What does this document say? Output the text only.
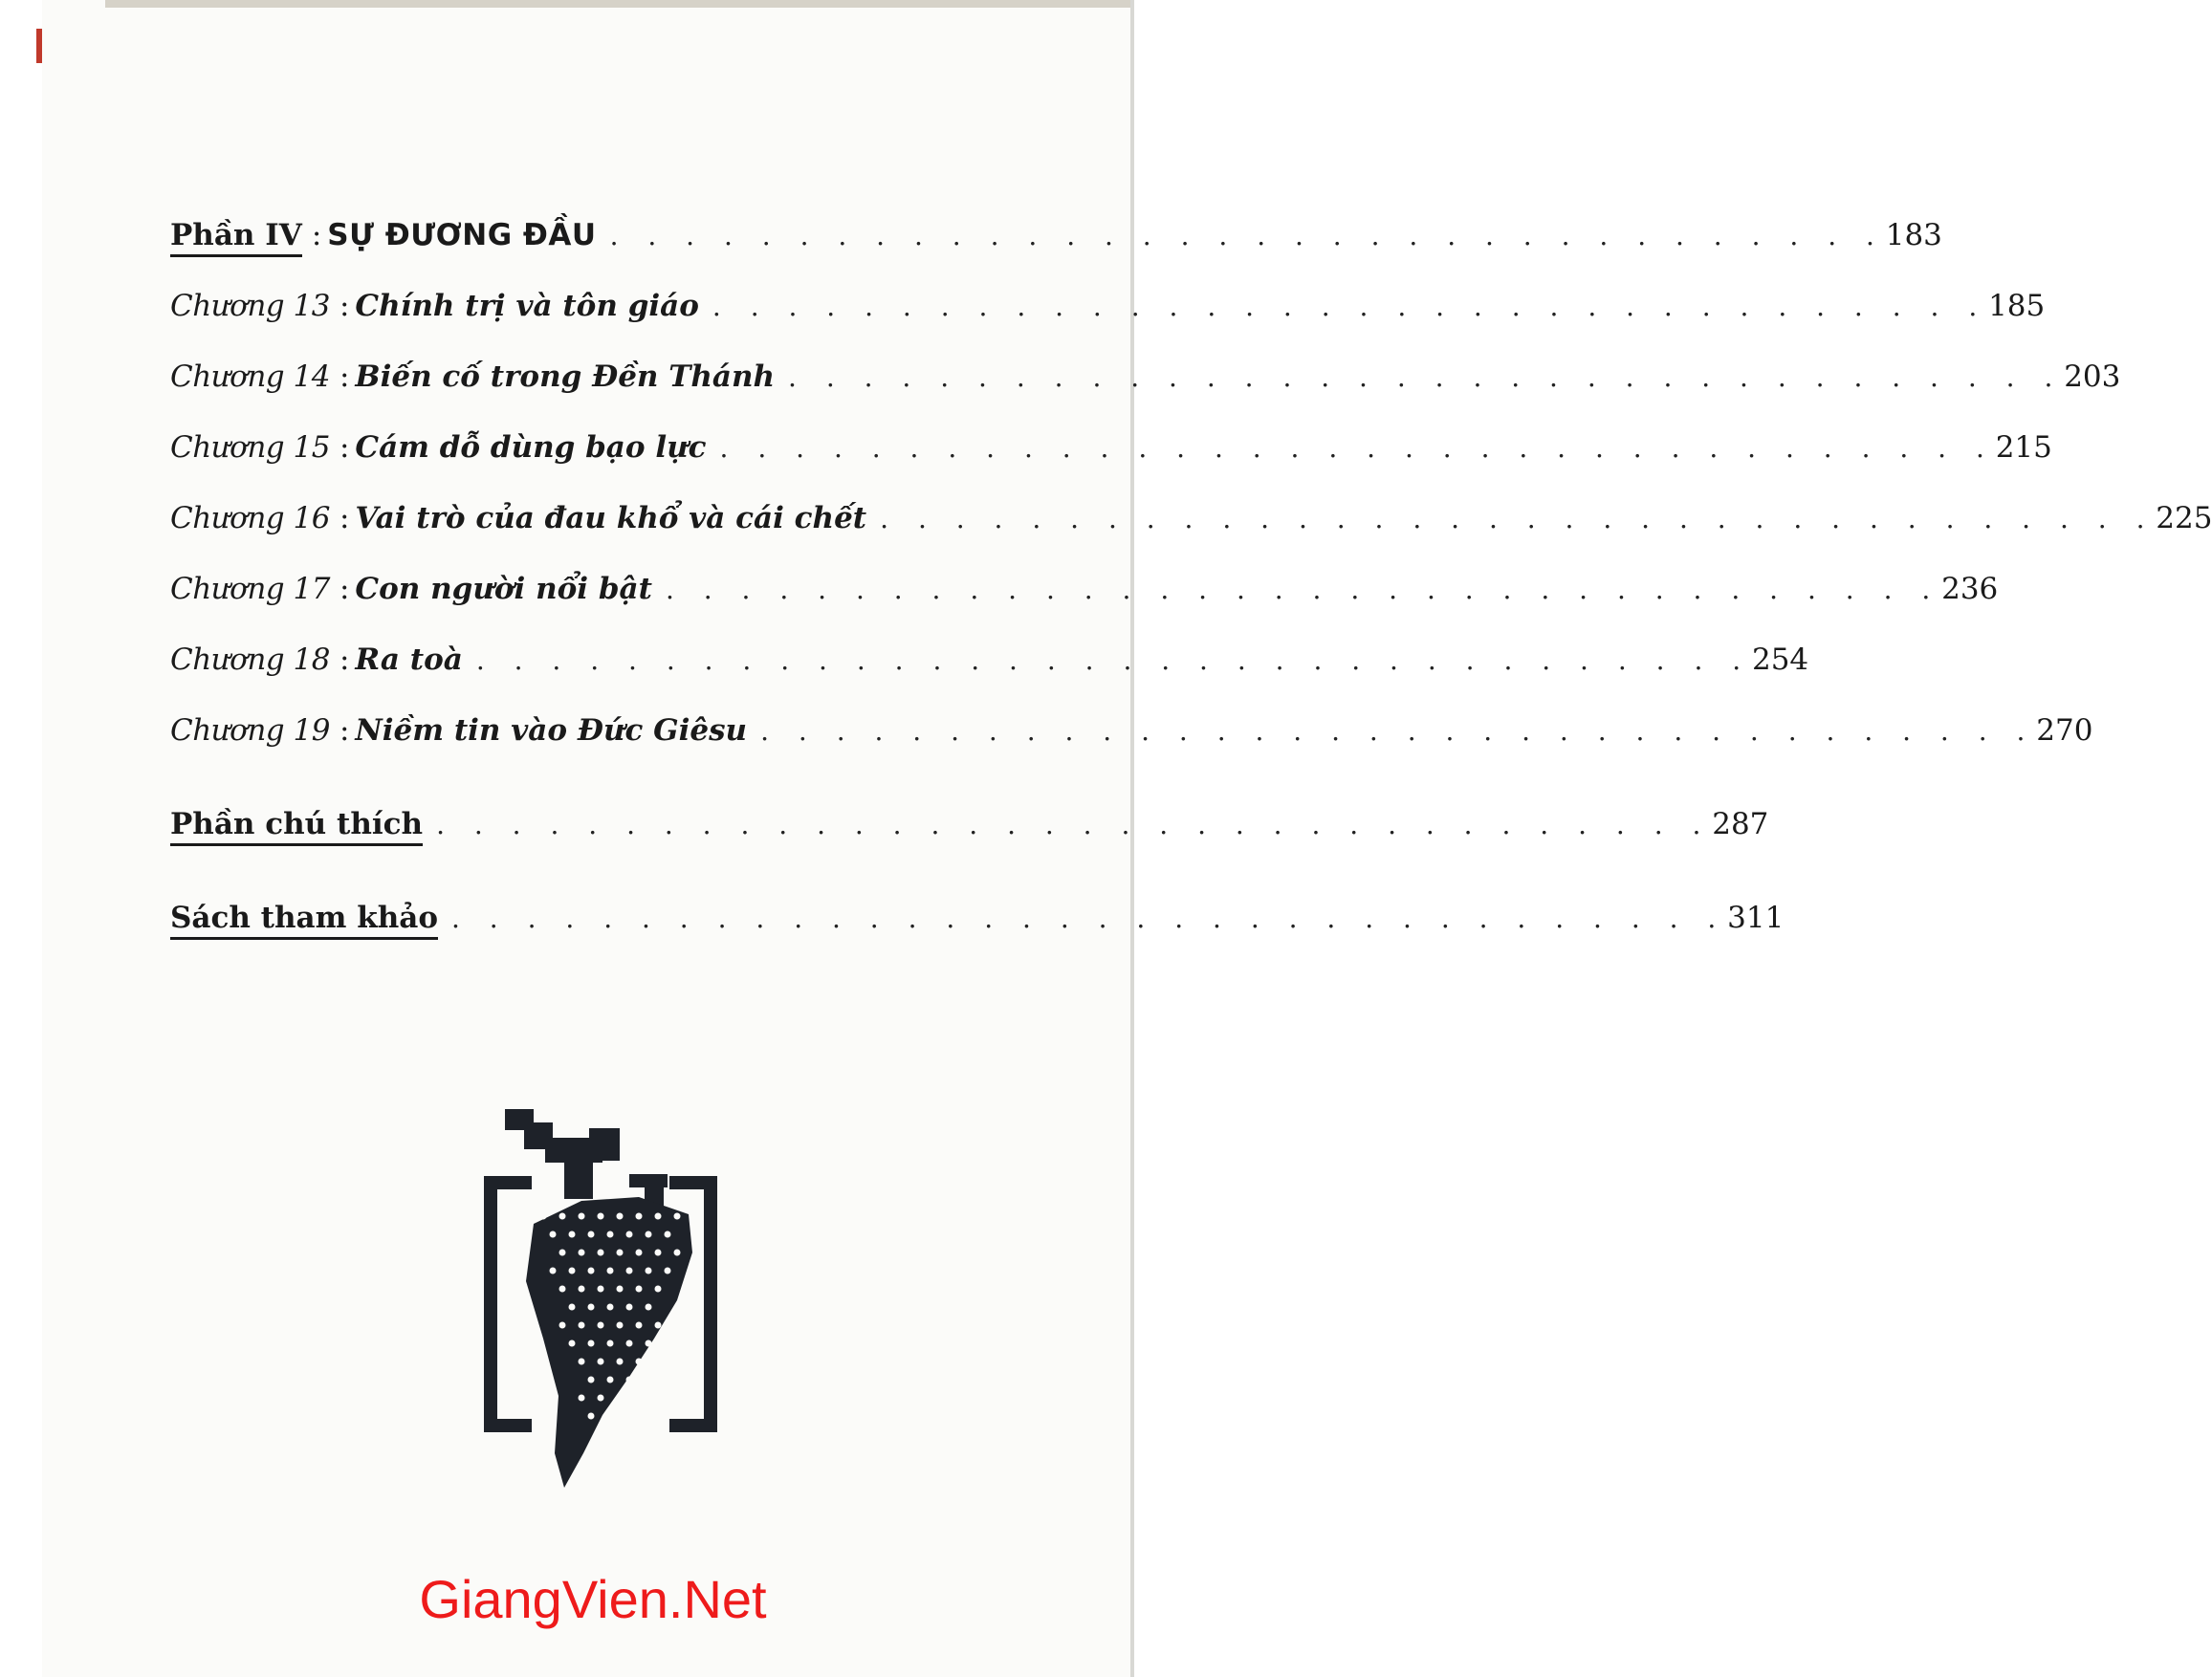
Phần IV : SỰ ĐƯƠNG ĐẦU . . . . . . . . . . . . . . . . . . . . . . . . . . . . . . . . . . 183
Chương 13 : Chính trị và tôn giáo . . . . . . . . . . . . . . . . . . . . . . . . . . . . . . . . . . 185
Chương 14 : Biến cố trong Đền Thánh . . . . . . . . . . . . . . . . . . . . . . . . . . . . . . . . . . 203
Chương 15 : Cám dỗ dùng bạo lực . . . . . . . . . . . . . . . . . . . . . . . . . . . . . . . . . . 215
Chương 16 : Vai trò của đau khổ và cái chết . . . . . . . . . . . . . . . . . . . . . . . . . . . . . . . . . . 225
Chương 17 : Con người nổi bật . . . . . . . . . . . . . . . . . . . . . . . . . . . . . . . . . . 236
Chương 18 : Ra toà . . . . . . . . . . . . . . . . . . . . . . . . . . . . . . . . . . 254
Chương 19 : Niềm tin vào Đức Giêsu . . . . . . . . . . . . . . . . . . . . . . . . . . . . . . . . . . 270
Phần chú thích . . . . . . . . . . . . . . . . . . . . . . . . . . . . . . . . . . 287
Sách tham khảo . . . . . . . . . . . . . . . . . . . . . . . . . . . . . . . . . . 311
GiangVien.Net
